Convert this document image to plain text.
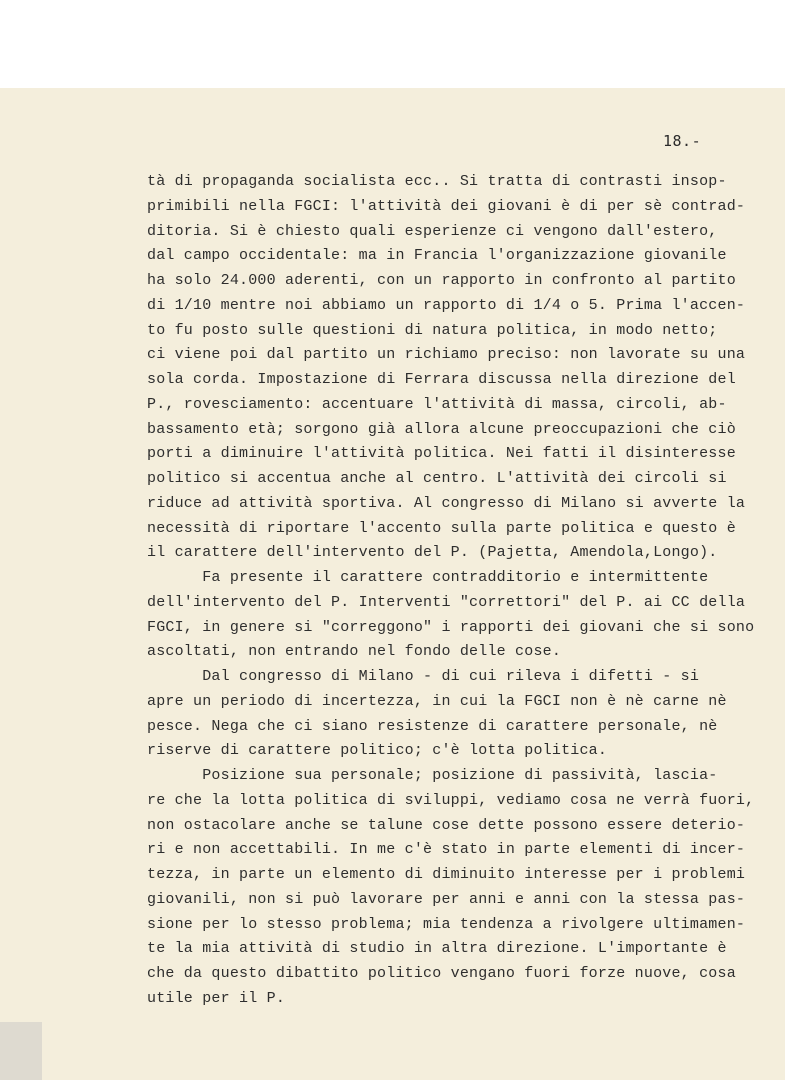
18.-
tà di propaganda socialista ecc.. Si tratta di contrasti insop-
primibili nella FGCI: l'attività dei giovani è di per sè contrad-
ditoria. Si è chiesto quali esperienze ci vengono dall'estero,
dal campo occidentale: ma in Francia l'organizzazione giovanile
ha solo 24.000 aderenti, con un rapporto in confronto al partito
di 1/10 mentre noi abbiamo un rapporto di 1/4 o 5. Prima l'accen-
to fu posto sulle questioni di natura politica, in modo netto;
ci viene poi dal partito un richiamo preciso: non lavorate su una
sola corda. Impostazione di Ferrara discussa nella direzione del
P., rovesciamento: accentuare l'attività di massa, circoli, ab-
bassamento età; sorgono già allora alcune preoccupazioni che ciò
porti a diminuire l'attività politica. Nei fatti il disinteresse
politico si accentua anche al centro. L'attività dei circoli si
riduce ad attività sportiva. Al congresso di Milano si avverte la
necessità di riportare l'accento sulla parte politica e questo è
il carattere dell'intervento del P. (Pajetta, Amendola,Longo).
Fa presente il carattere contradditorio e intermittente
dell'intervento del P. Interventi "correttori" del P. ai CC della
FGCI, in genere si "correggono" i rapporti dei giovani che si sono
ascoltati, non entrando nel fondo delle cose.
Dal congresso di Milano - di cui rileva i difetti - si
apre un periodo di incertezza, in cui la FGCI non è nè carne nè
pesce. Nega che ci siano resistenze di carattere personale, nè
riserve di carattere politico; c'è lotta politica.
Posizione sua personale; posizione di passività, lascia-
re che la lotta politica di sviluppi, vediamo cosa ne verrà fuori,
non ostacolare anche se talune cose dette possono essere deterio-
ri e non accettabili. In me c'è stato in parte elementi di incer-
tezza, in parte un elemento di diminuito interesse per i problemi
giovanili, non si può lavorare per anni e anni con la stessa pas-
sione per lo stesso problema; mia tendenza a rivolgere ultimamen-
te la mia attività di studio in altra direzione. L'importante è
che da questo dibattito politico vengano fuori forze nuove, cosa
utile per il P.
